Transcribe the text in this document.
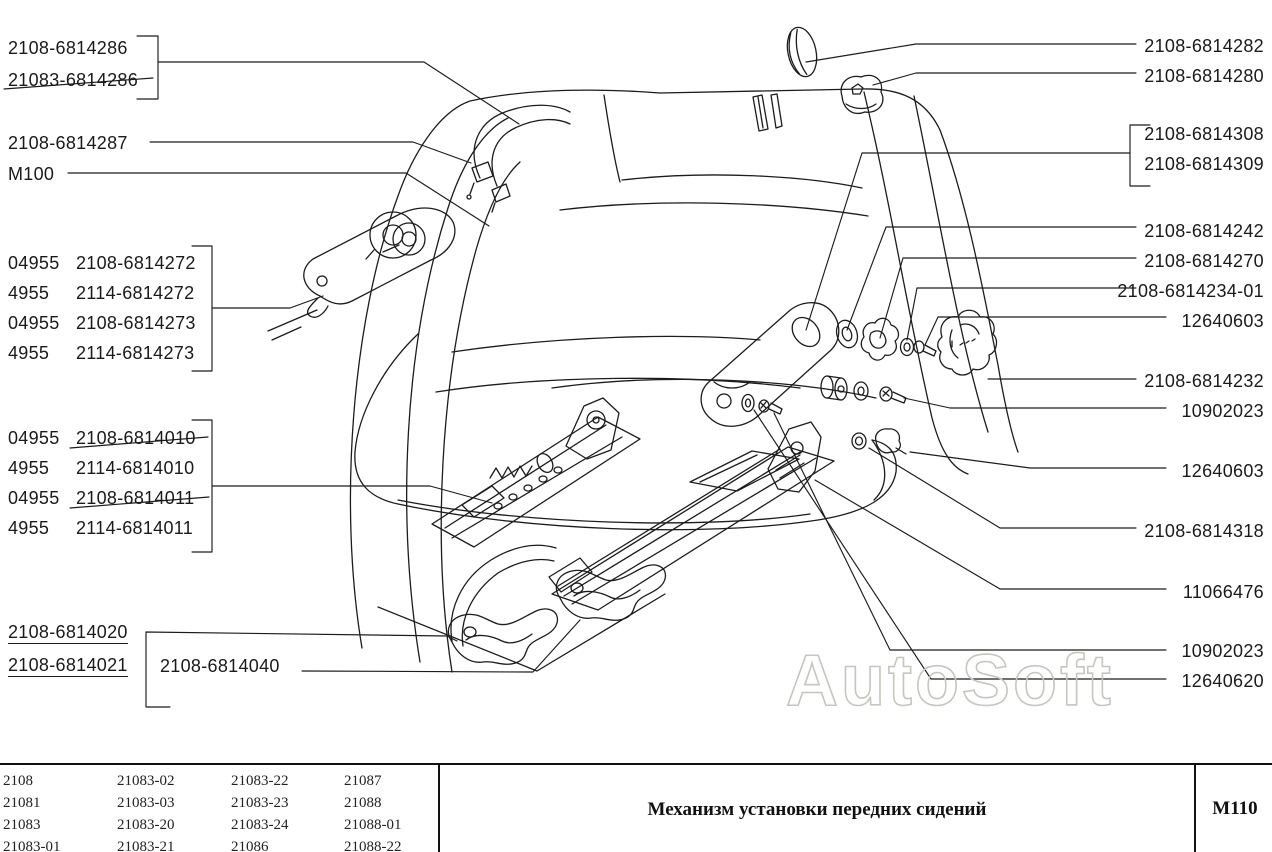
2108-6814286
21083-6814286
2108-6814287
M100
04955 2108-6814272
4955 2114-6814272
04955 2108-6814273
4955 2114-6814273
04955 2108-6814010
4955 2114-6814010
04955 2108-6814011
4955 2114-6814011
2108-6814020
2108-6814021 2108-6814040
2108-6814282
2108-6814280
2108-6814308
2108-6814309
2108-6814242
2108-6814270
2108-6814234-01
12640603
2108-6814232
10902023
12640603
2108-6814318
11066476
10902023
12640620
AutoSoft
2108
21081
21083
21083-01
21083-02
21083-03
21083-20
21083-21
21083-22
21083-23
21083-24
21086
21087
21088
21088-01
21088-22
Механизм установки передних сидений	М110
